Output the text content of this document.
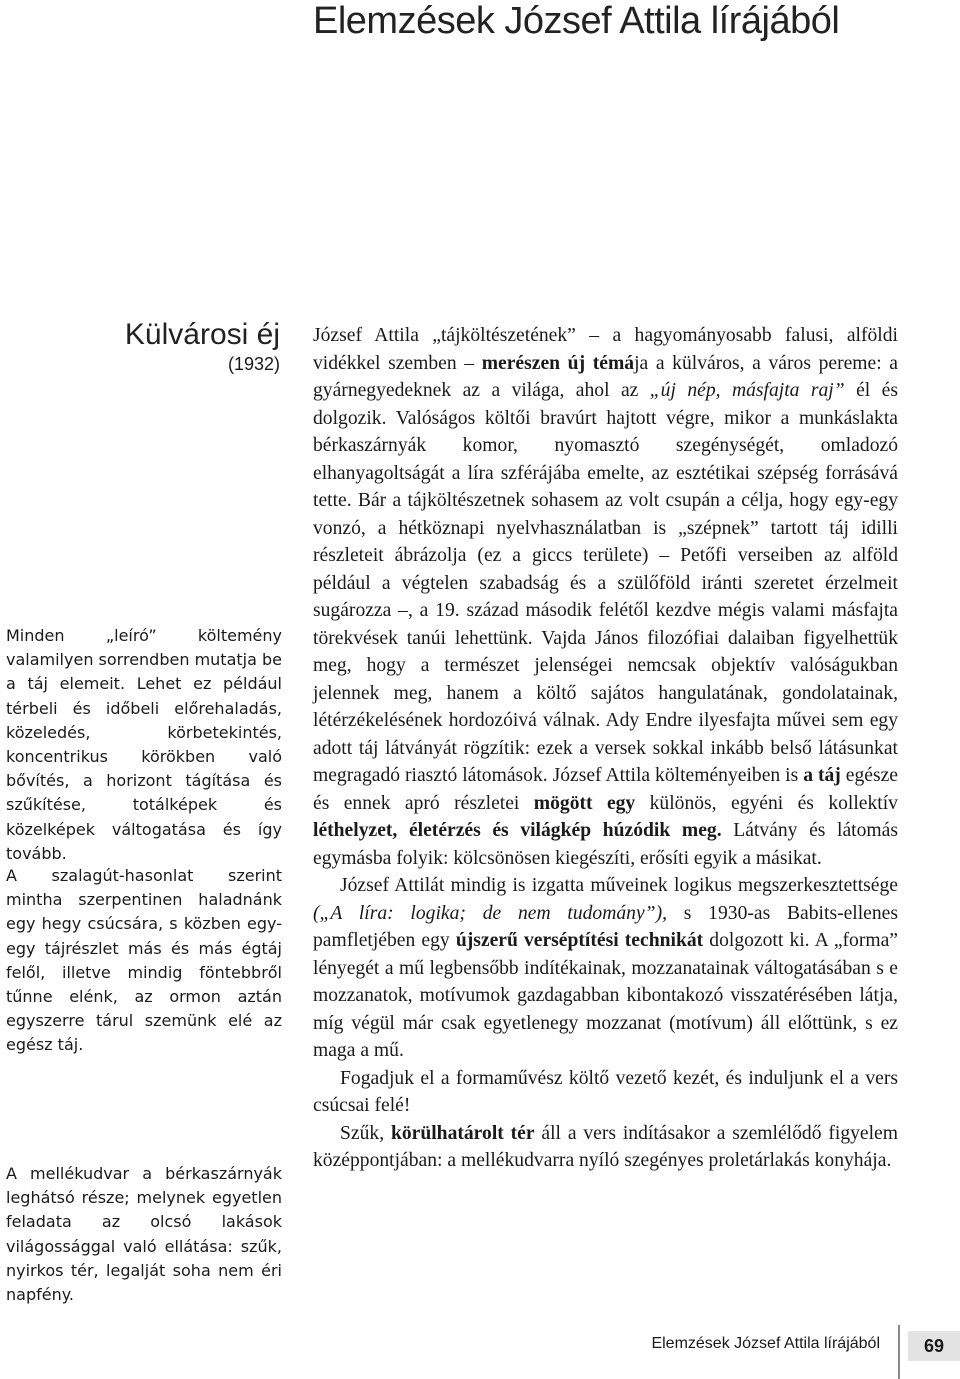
Elemzések József Attila lírájából
Külvárosi éj
(1932)
Minden „leíró” költemény valamilyen sorrendben mutatja be a táj elemeit. Lehet ez például térbeli és időbeli előrehaladás, közeledés, körbetekintés, koncentrikus körökben való bővítés, a horizont tágítása és szűkítése, totálképek és közelképek váltogatása és így tovább.
A szalagút-hasonlat szerint mintha szerpentinen haladnánk egy hegy csúcsára, s közben egy-egy tájrészlet más és más égtáj felől, illetve mindig föntebbről tűnne elénk, az ormon aztán egyszerre tárul szemünk elé az egész táj.
A mellékudvar a bérkaszárnyák leghátsó része; melynek egyetlen feladata az olcsó lakások világossággal való ellátása: szűk, nyirkos tér, legalját soha nem éri napfény.

József Attila „tájköltészetének” – a hagyományosabb falusi, alföldi vidékkel szemben – merészen új témája a külváros, a város pereme: a gyárnegyedeknek az a világa, ahol az „új nép, másfajta raj” él és dolgozik. Valóságos költői bravúrt hajtott végre, mikor a munkáslakta bérkaszárnyák komor, nyomasztó szegénységét, omladozó elhanyagoltságát a líra szférájába emelte, az esztétikai szépség forrásává tette. Bár a tájköltészetnek sohasem az volt csupán a célja, hogy egy-egy vonzó, a hétköznapi nyelvhasználatban is „szépnek” tartott táj idilli részleteit ábrázolja (ez a giccs területe) – Petőfi verseiben az alföld például a végtelen szabadság és a szülőföld iránti szeretet érzelmeit sugározza –, a 19. század második felétől kezdve mégis valami másfajta törekvések tanúi lehettünk. Vajda János filozófiai dalaiban figyelhettük meg, hogy a természet jelenségei nemcsak objektív valóságukban jelennek meg, hanem a költő sajátos hangulatának, gondolatainak, létérzékelésének hordozóivá válnak. Ady Endre ilyesfajta művei sem egy adott táj látványát rögzítik: ezek a versek sokkal inkább belső látásunkat megragadó riasztó látomások. József Attila költeményeiben is a táj egésze és ennek apró részletei mögött egy különös, egyéni és kollektív léthelyzet, életérzés és világkép húzódik meg. Látvány és látomás egymásba folyik: kölcsönösen kiegészíti, erősíti egyik a másikat.

József Attilát mindig is izgatta műveinek logikus megszerkesztettsége („A líra: logika; de nem tudomány”), s 1930-as Babits-ellenes pamfletjében egy újszerű verséptítési technikát dolgozott ki. A „forma” lényegét a mű legbensőbb indítékainak, mozzanatainak váltogatásában s e mozzanatok, motívumok gazdagabban kibontakozó visszatérésében látja, míg végül már csak egyetlenegy mozzanat (motívum) áll előttünk, s ez maga a mű.

Fogadjuk el a formaművész költő vezető kezét, és induljunk el a vers csúcsai felé!

Szűk, körülhatárolt tér áll a vers indításakor a szemlélődő figyelem középpontjában: a mellékudvarra nyíló szegényes proletárlakás konyhája.

Elemzések József Attila lírájából	69
